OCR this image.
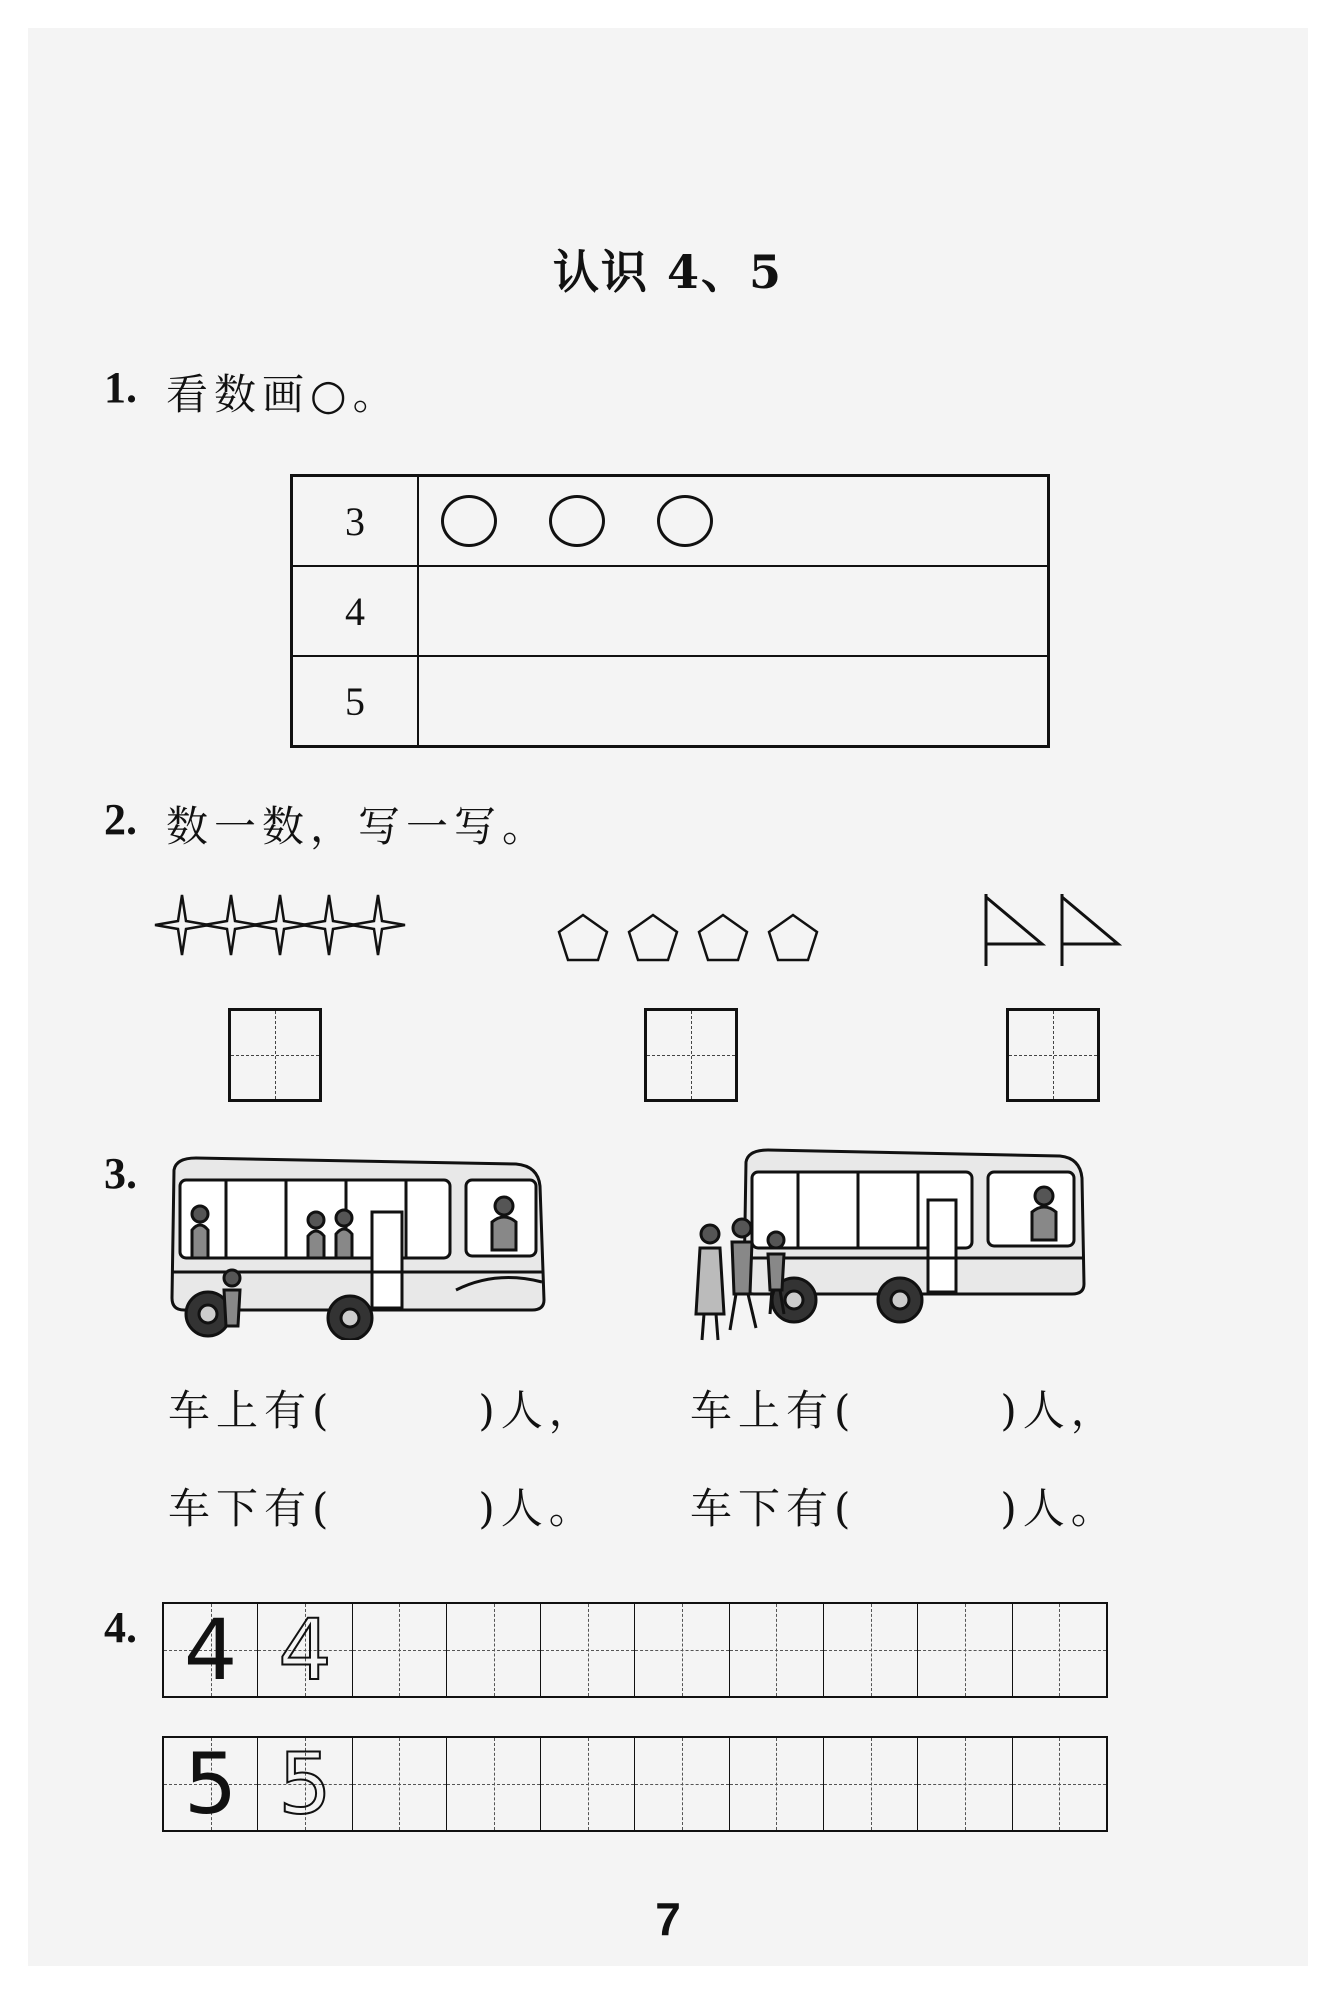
认识 4、5
1. 看数画○。
3	
4	
5	
2. 数一数，写一写。
3.
车上有(　　　)人， 车上有(　　　)人，
车下有(　　　)人。 车下有(　　　)人。
4. 4 4
5 5
7
